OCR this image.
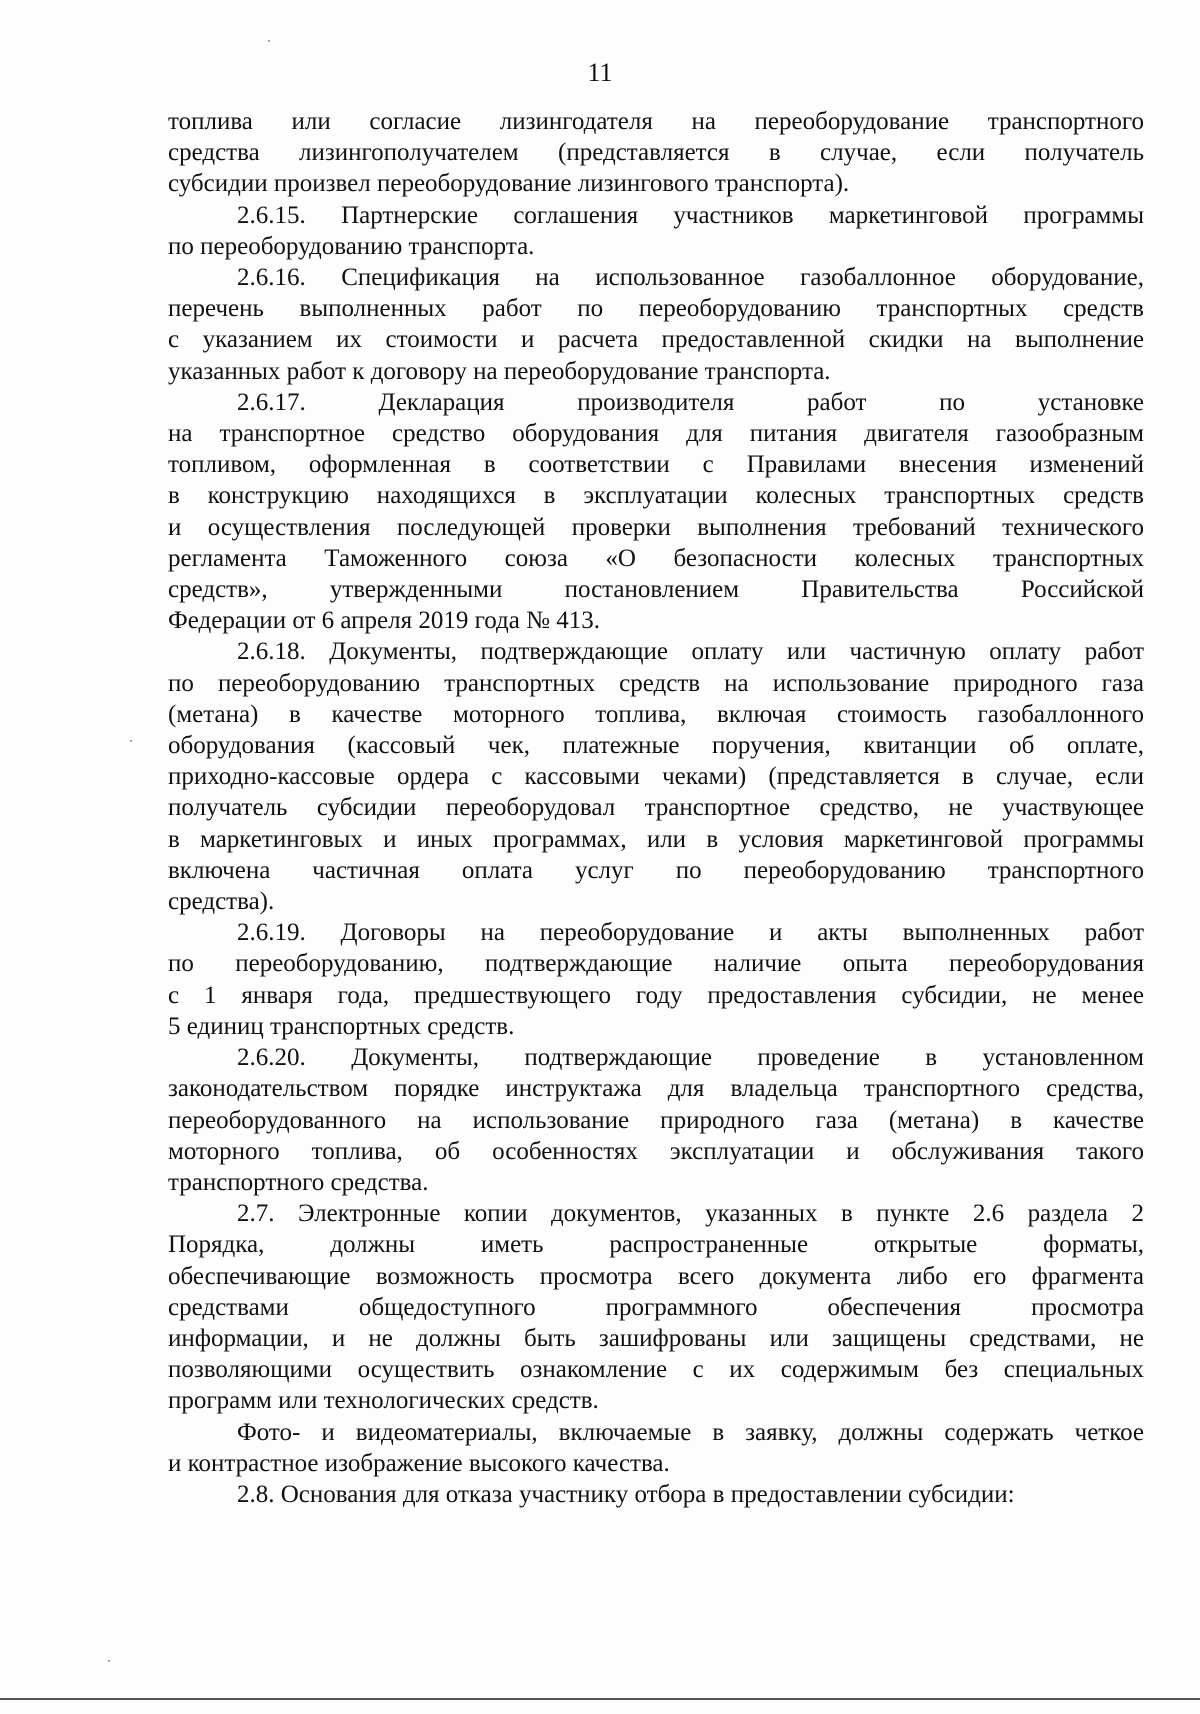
11

топлива или согласие лизингодателя на переоборудование транспортного
средства лизингополучателем (представляется в случае, если получатель
субсидии произвел переоборудование лизингового транспорта).

2.6.15. Партнерские соглашения участников маркетинговой программы
по переоборудованию транспорта.

2.6.16. Спецификация на использованное газобаллонное оборудование,
перечень выполненных работ по переоборудованию транспортных средств
с указанием их стоимости и расчета предоставленной скидки на выполнение
указанных работ к договору на переоборудование транспорта.

2.6.17. Декларация производителя работ по установке
на транспортное средство оборудования для питания двигателя газообразным
топливом, оформленная в соответствии с Правилами внесения изменений
в конструкцию находящихся в эксплуатации колесных транспортных средств
и осуществления последующей проверки выполнения требований технического
регламента Таможенного союза «О безопасности колесных транспортных
средств», утвержденными постановлением Правительства Российской
Федерации от 6 апреля 2019 года № 413.

2.6.18. Документы, подтверждающие оплату или частичную оплату работ
по переоборудованию транспортных средств на использование природного газа
(метана) в качестве моторного топлива, включая стоимость газобаллонного
оборудования (кассовый чек, платежные поручения, квитанции об оплате,
приходно-кассовые ордера с кассовыми чеками) (представляется в случае, если
получатель субсидии переоборудовал транспортное средство, не участвующее
в маркетинговых и иных программах, или в условия маркетинговой программы
включена частичная оплата услуг по переоборудованию транспортного
средства).

2.6.19. Договоры на переоборудование и акты выполненных работ
по переоборудованию, подтверждающие наличие опыта переоборудования
с 1 января года, предшествующего году предоставления субсидии, не менее
5 единиц транспортных средств.

2.6.20. Документы, подтверждающие проведение в установленном
законодательством порядке инструктажа для владельца транспортного средства,
переоборудованного на использование природного газа (метана) в качестве
моторного топлива, об особенностях эксплуатации и обслуживания такого
транспортного средства.

2.7. Электронные копии документов, указанных в пункте 2.6 раздела 2
Порядка, должны иметь распространенные открытые форматы,
обеспечивающие возможность просмотра всего документа либо его фрагмента
средствами общедоступного программного обеспечения просмотра
информации, и не должны быть зашифрованы или защищены средствами, не
позволяющими осуществить ознакомление с их содержимым без специальных
программ или технологических средств.

Фото- и видеоматериалы, включаемые в заявку, должны содержать четкое
и контрастное изображение высокого качества.

2.8. Основания для отказа участнику отбора в предоставлении субсидии:
